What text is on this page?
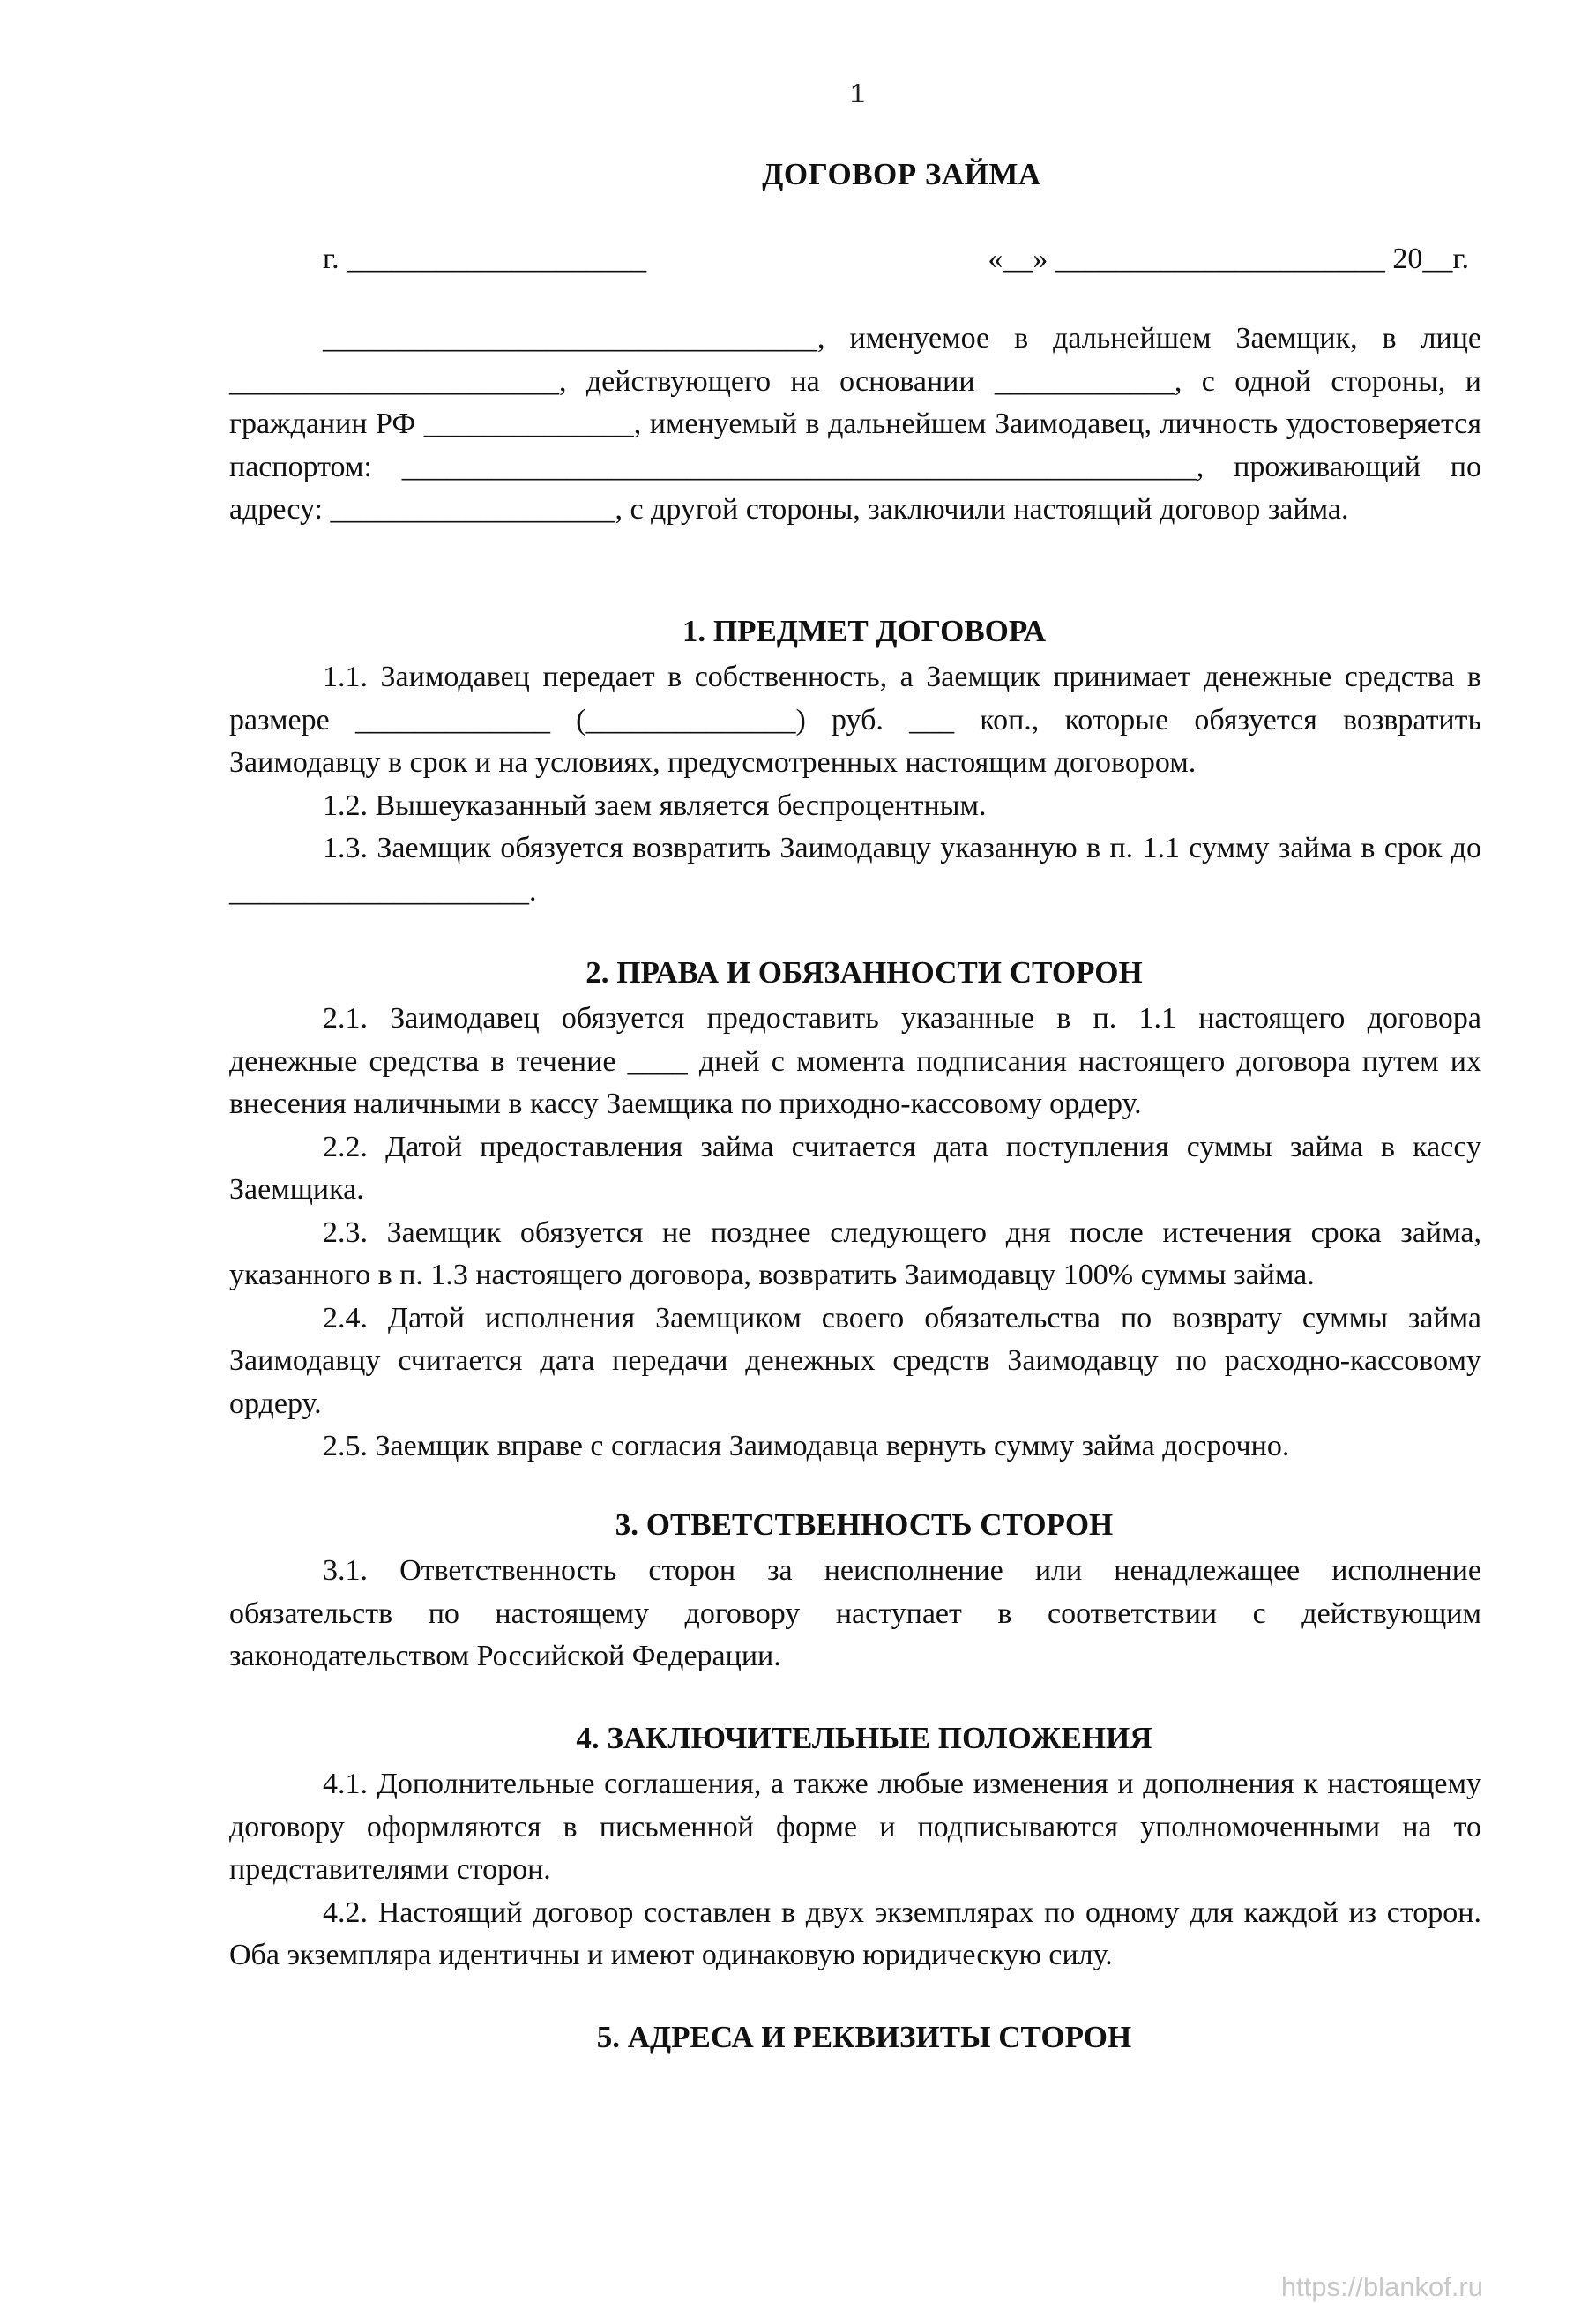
1
ДОГОВОР ЗАЙМА
г. ____________________	«__» ______________________ 20__г.

_________________________________, именуемое в дальнейшем Заемщик, в лице ______________________, действующего на основании ____________, с одной стороны, и гражданин РФ ______________, именуемый в дальнейшем Заимодавец, личность удостоверяется паспортом: _____________________________________________________, проживающий по адресу: ___________________, с другой стороны, заключили настоящий договор займа.

1. ПРЕДМЕТ ДОГОВОРА

1.1. Заимодавец передает в собственность, а Заемщик принимает денежные средства в размере _____________ (______________) руб. ___ коп., которые обязуется возвратить Заимодавцу в срок и на условиях, предусмотренных настоящим договором.

1.2. Вышеуказанный заем является беспроцентным.

1.3. Заемщик обязуется возвратить Заимодавцу указанную в п. 1.1 сумму займа в срок до ____________________.

2. ПРАВА И ОБЯЗАННОСТИ СТОРОН

2.1. Заимодавец обязуется предоставить указанные в п. 1.1 настоящего договора денежные средства в течение ____ дней с момента подписания настоящего договора путем их внесения наличными в кассу Заемщика по приходно-кассовому ордеру.

2.2. Датой предоставления займа считается дата поступления суммы займа в кассу Заемщика.

2.3. Заемщик обязуется не позднее следующего дня после истечения срока займа, указанного в п. 1.3 настоящего договора, возвратить Заимодавцу 100% суммы займа.

2.4. Датой исполнения Заемщиком своего обязательства по возврату суммы займа Заимодавцу считается дата передачи денежных средств Заимодавцу по расходно-кассовому ордеру.

2.5. Заемщик вправе с согласия Заимодавца вернуть сумму займа досрочно.

3. ОТВЕТСТВЕННОСТЬ СТОРОН

3.1. Ответственность сторон за неисполнение или ненадлежащее исполнение обязательств по настоящему договору наступает в соответствии с действующим законодательством Российской Федерации.

4. ЗАКЛЮЧИТЕЛЬНЫЕ ПОЛОЖЕНИЯ

4.1. Дополнительные соглашения, а также любые изменения и дополнения к настоящему договору оформляются в письменной форме и подписываются уполномоченными на то представителями сторон.

4.2. Настоящий договор составлен в двух экземплярах по одному для каждой из сторон. Оба экземпляра идентичны и имеют одинаковую юридическую силу.

5. АДРЕСА И РЕКВИЗИТЫ СТОРОН
https://blankof.ru
